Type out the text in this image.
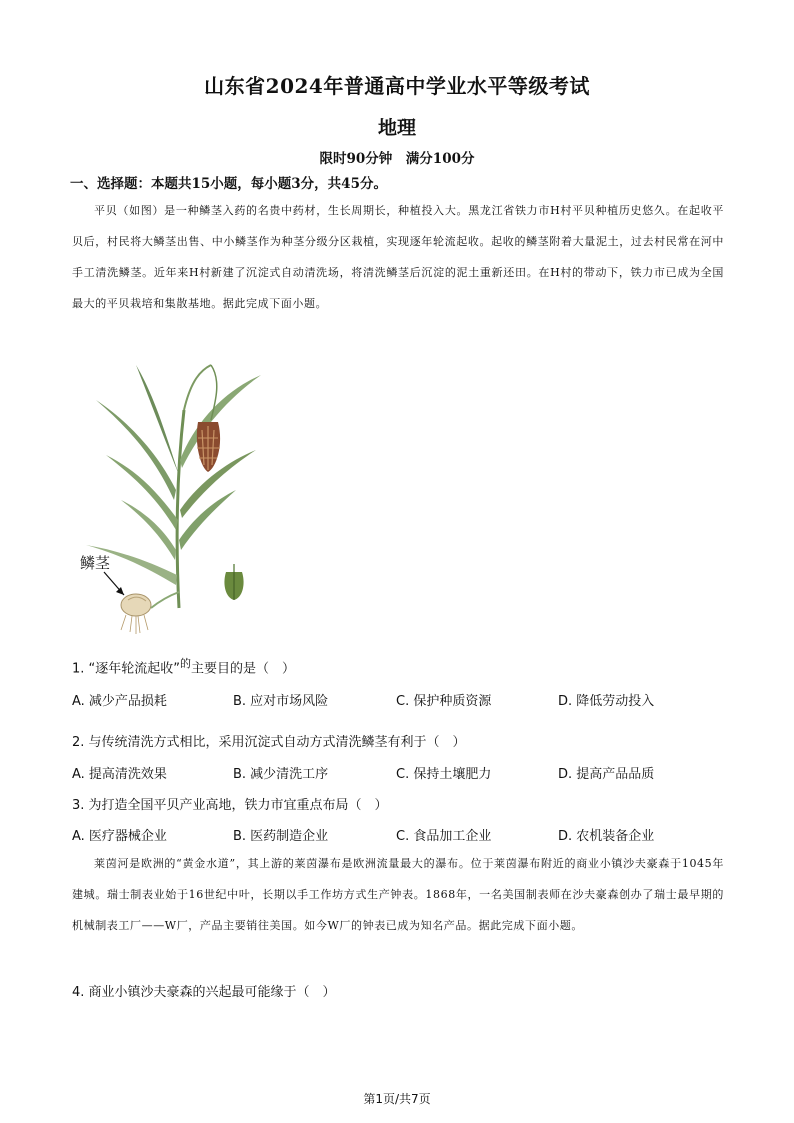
山东省2024年普通高中学业水平等级考试
地理
限时90分钟　满分100分
一、选择题：本题共15小题，每小题3分，共45分。

平贝（如图）是一种鳞茎入药的名贵中药材，生长周期长，种植投入大。黑龙江省铁力市H村平贝种植历史悠久。在起收平贝后，村民将大鳞茎出售、中小鳞茎作为种茎分级分区栽植，实现逐年轮流起收。起收的鳞茎附着大量泥土，过去村民常在河中手工清洗鳞茎。近年来H村新建了沉淀式自动清洗场，将清洗鳞茎后沉淀的泥土重新还田。在H村的带动下，铁力市已成为全国最大的平贝栽培和集散基地。据此完成下面小题。

鳞茎
1. “逐年轮流起收”$^的$主要目的是（　）
A. 减少产品损耗	B. 应对市场风险	C. 保护种质资源	D. 降低劳动投入
2. 与传统清洗方式相比，采用沉淀式自动方式清洗鳞茎有利于（　）
A. 提高清洗效果	B. 减少清洗工序	C. 保持土壤肥力	D. 提高产品品质
3. 为打造全国平贝产业高地，铁力市宜重点布局（　）
A. 医疗器械企业	B. 医药制造企业	C. 食品加工企业	D. 农机装备企业

莱茵河是欧洲的“黄金水道”，其上游的莱茵瀑布是欧洲流量最大的瀑布。位于莱茵瀑布附近的商业小镇沙夫豪森于1045年建城。瑞士制表业始于16世纪中叶，长期以手工作坊方式生产钟表。1868年，一名美国制表师在沙夫豪森创办了瑞士最早期的机械制表工厂——W厂，产品主要销往美国。如今W厂的钟表已成为知名产品。据此完成下面小题。

4. 商业小镇沙夫豪森的兴起最可能缘于（　）
第1页/共7页
